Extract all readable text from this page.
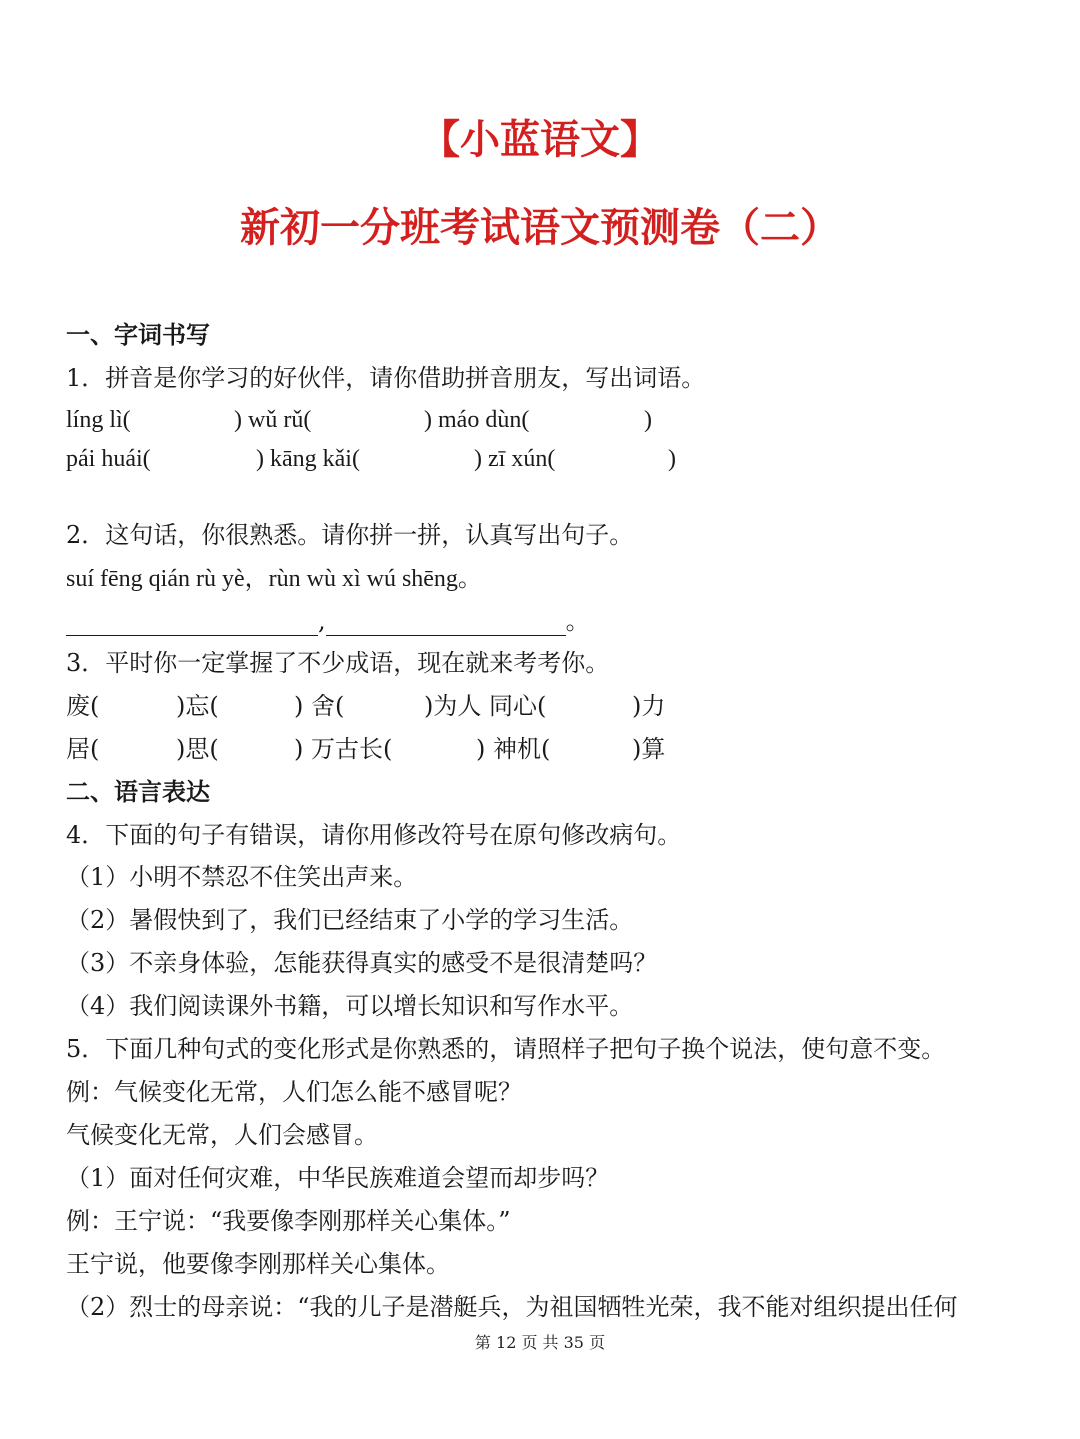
【小蓝语文】
新初一分班考试语文预测卷（二）
一、字词书写
1．拼音是你学习的好伙伴，请你借助拼音朋友，写出词语。
líng lì(	) wǔ rǔ(	) máo dùn(	)
pái huái(	) kāng kǎi(	) zī xún(	)
2．这句话，你很熟悉。请你拼一拼，认真写出句子。
suí fēng qián rù yè，rùn wù xì wú shēng。
,	。
3．平时你一定掌握了不少成语，现在就来考考你。
废(	)忘(	) 舍(	)为人 同心(	)力
居(	)思(	) 万古长(	) 神机(	)算
二、语言表达
4．下面的句子有错误，请你用修改符号在原句修改病句。
（1）小明不禁忍不住笑出声来。
（2）暑假快到了，我们已经结束了小学的学习生活。
（3）不亲身体验，怎能获得真实的感受不是很清楚吗？
（4）我们阅读课外书籍，可以增长知识和写作水平。
5．下面几种句式的变化形式是你熟悉的，请照样子把句子换个说法，使句意不变。
例：气候变化无常，人们怎么能不感冒呢？
气候变化无常，人们会感冒。
（1）面对任何灾难，中华民族难道会望而却步吗？
例：王宁说：“我要像李刚那样关心集体。”
王宁说，他要像李刚那样关心集体。
（2）烈士的母亲说：“我的儿子是潜艇兵，为祖国牺牲光荣，我不能对组织提出任何
第 12 页 共 35 页
